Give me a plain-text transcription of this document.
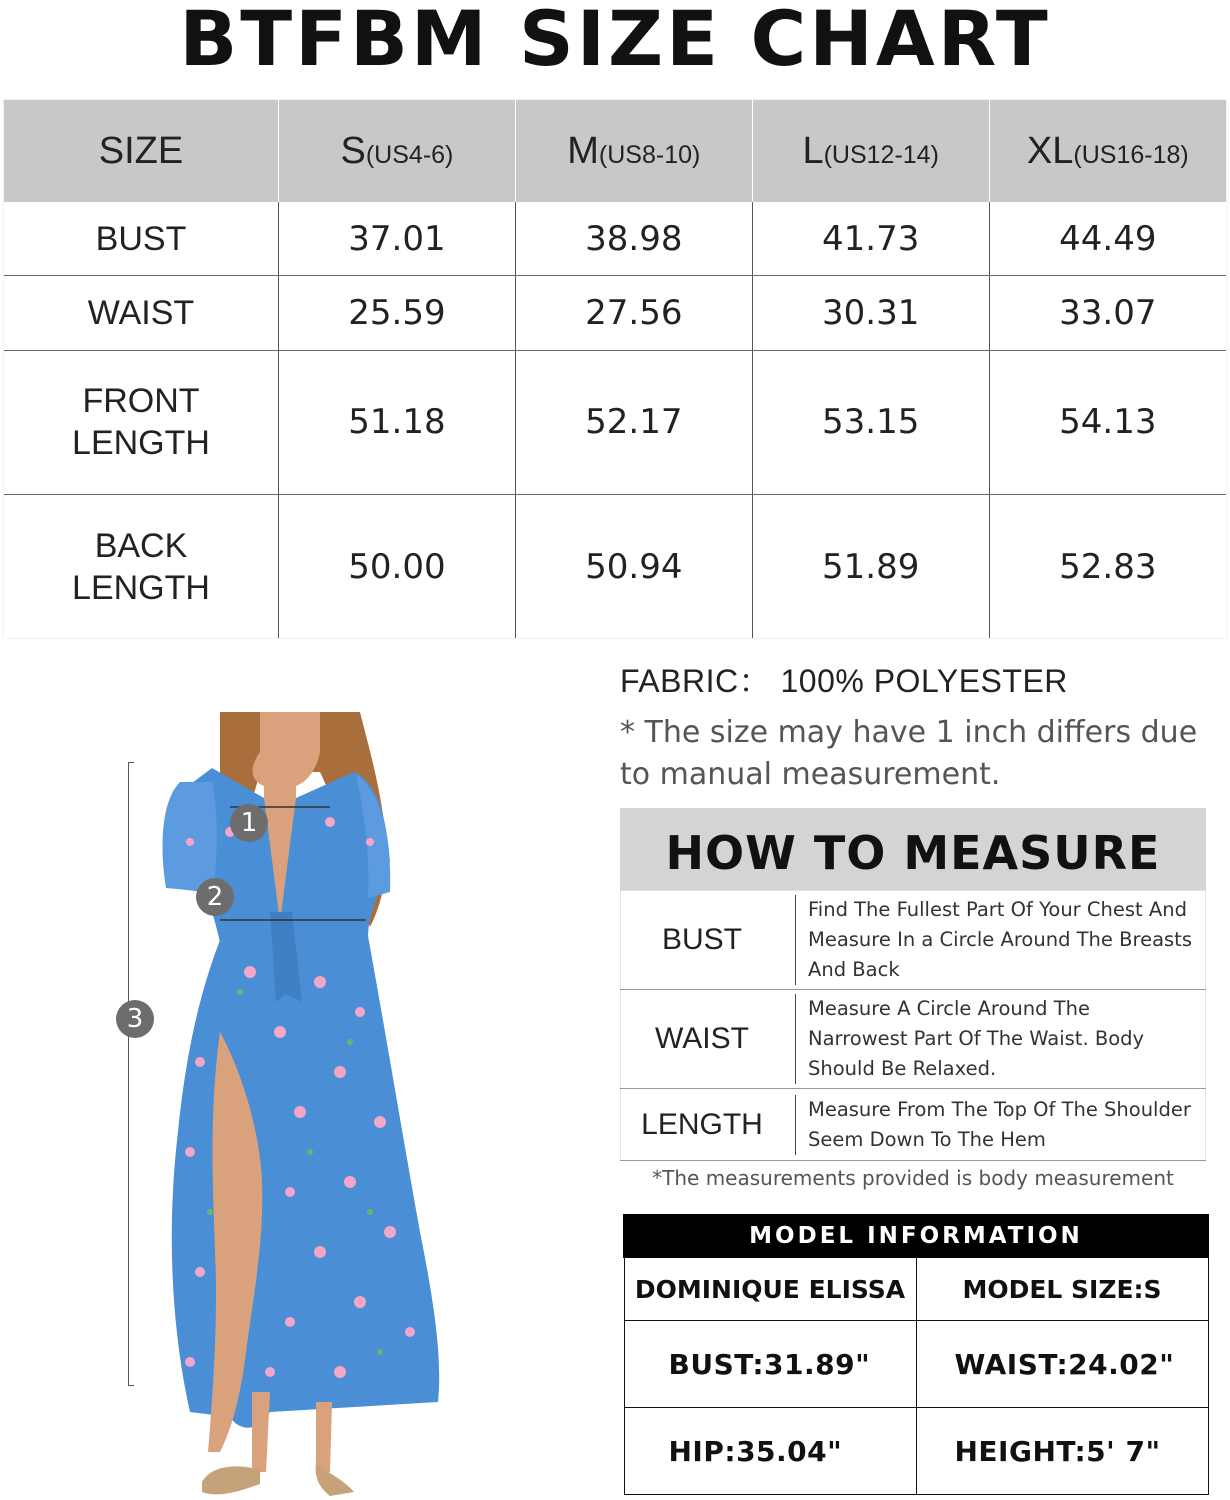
BTFBM SIZE CHART
SIZE	S(US4-6)	M(US8-10)	L(US12-14)	XL(US16-18)
BUST	37.01	38.98	41.73	44.49
WAIST	25.59	27.56	30.31	33.07
FRONT
LENGTH	51.18	52.17	53.15	54.13
BACK
LENGTH	50.00	50.94	51.89	52.83
1
2
3
FABRIC： 100% POLYESTER
* The size may have 1 inch differs due to manual measurement.
HOW TO MEASURE
BUST	Find The Fullest Part Of Your Chest And Measure In a Circle Around The Breasts And Back

WAIST	Measure A Circle Around The Narrowest Part Of The Waist. Body Should Be Relaxed.

LENGTH	Measure From The Top Of The Shoulder Seem Down To The Hem
*The measurements provided is body measurement
MODEL INFORMATION	
DOMINIQUE ELISSA	MODEL SIZE:S
BUST:31.89"	WAIST:24.02"
HIP:35.04"	HEIGHT:5' 7"
